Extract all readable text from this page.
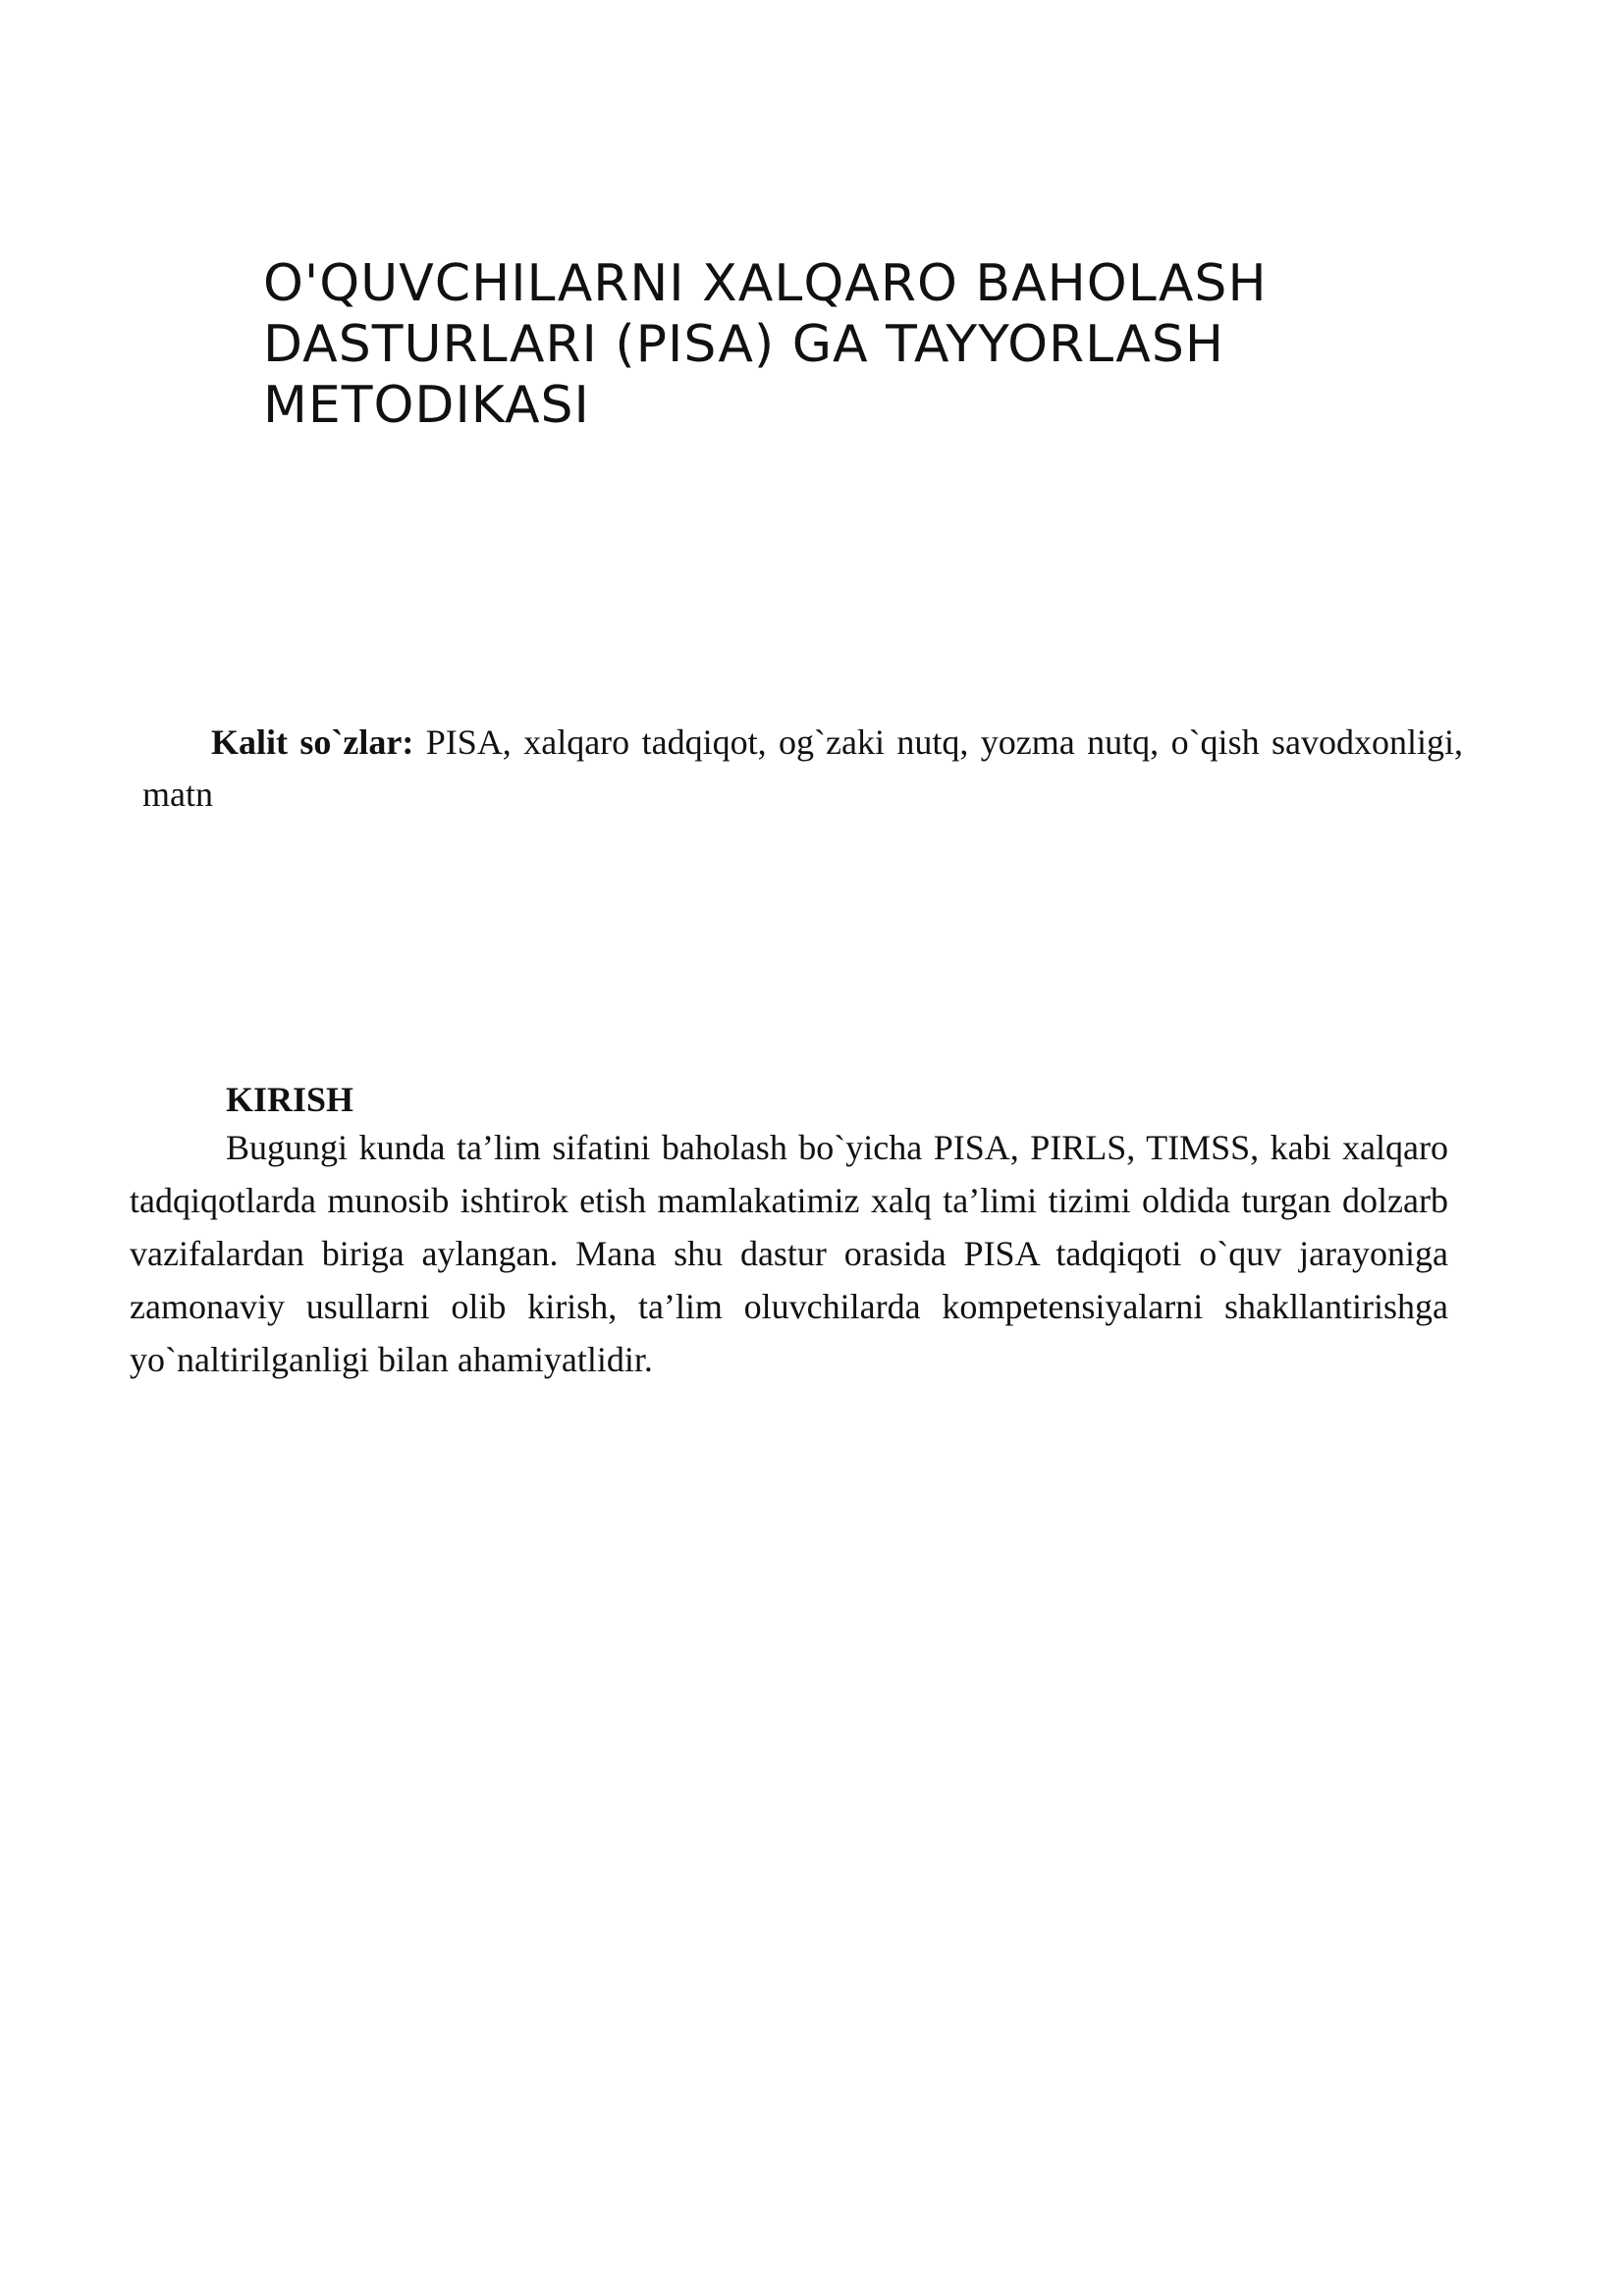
O'QUVCHILARNI XALQARO BAHOLASH
DASTURLARI (PISA) GA TAYYORLASH
METODIKASI

Kalit so`zlar: PISA, xalqaro tadqiqot, og`zaki nutq, yozma nutq, o`qish savodxonligi, matn

KIRISH

Bugungi kunda ta’lim sifatini baholash bo`yicha PISA, PIRLS, TIMSS, kabi xalqaro tadqiqotlarda munosib ishtirok etish mamlakatimiz xalq ta’limi tizimi oldida turgan dolzarb vazifalardan biriga aylangan. Mana shu dastur orasida PISA tadqiqoti o`quv jarayoniga zamonaviy usullarni olib kirish, ta’lim oluvchilarda kompetensiyalarni shakllantirishga yo`naltirilganligi bilan ahamiyatlidir.
